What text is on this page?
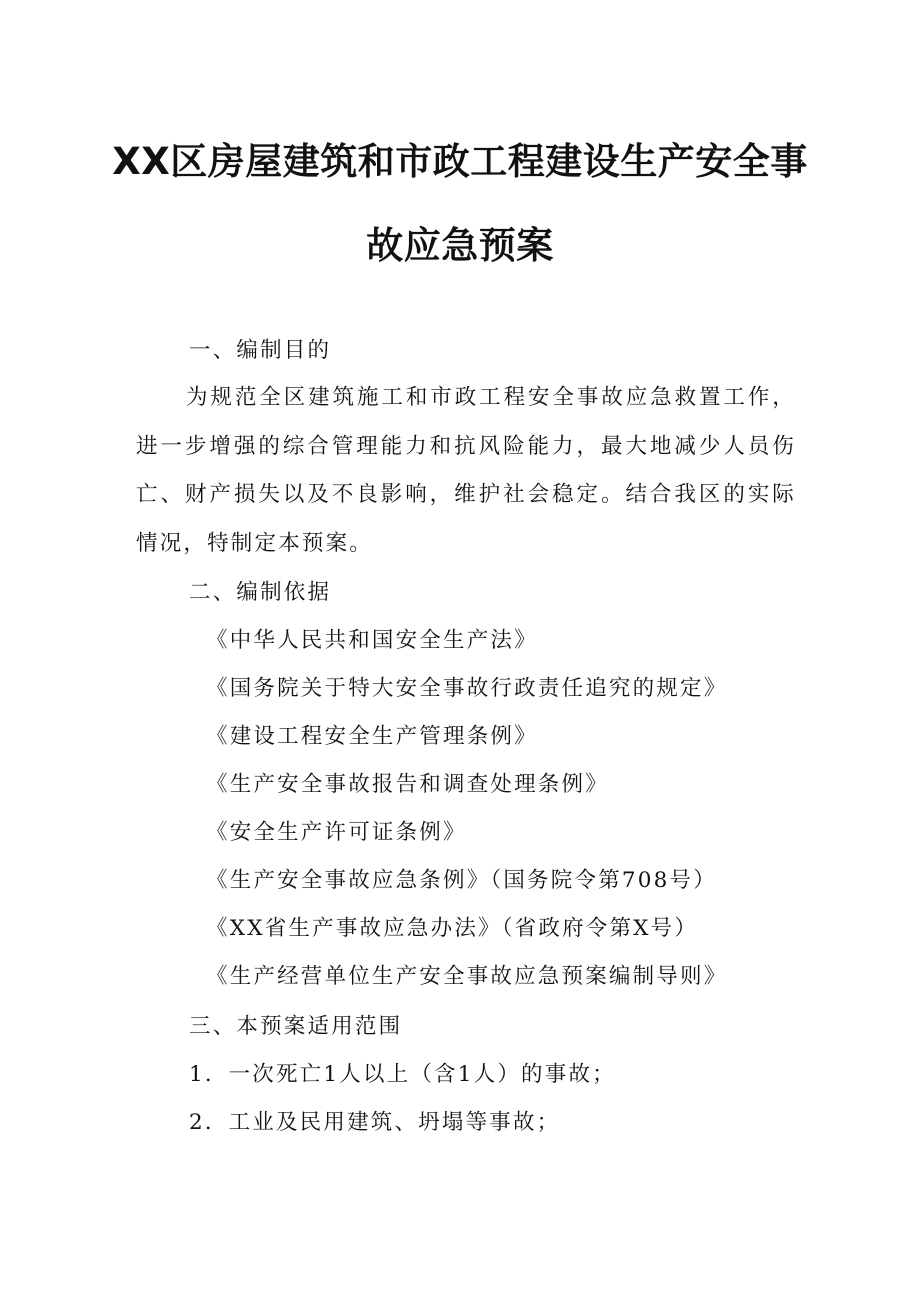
XX区房屋建筑和市政工程建设生产安全事
故应急预案
一、编制目的
为规范全区建筑施工和市政工程安全事故应急救置工作，进一步增强的综合管理能力和抗风险能力，最大地减少人员伤亡、财产损失以及不良影响，维护社会稳定。结合我区的实际情况，特制定本预案。
二、编制依据
《中华人民共和国安全生产法》
《国务院关于特大安全事故行政责任追究的规定》
《建设工程安全生产管理条例》
《生产安全事故报告和调查处理条例》
《安全生产许可证条例》
《生产安全事故应急条例》（国务院令第708号）
《XX省生产事故应急办法》（省政府令第X号）
《生产经营单位生产安全事故应急预案编制导则》
三、本预案适用范围
1．一次死亡1人以上（含1人）的事故；
2．工业及民用建筑、坍塌等事故；
